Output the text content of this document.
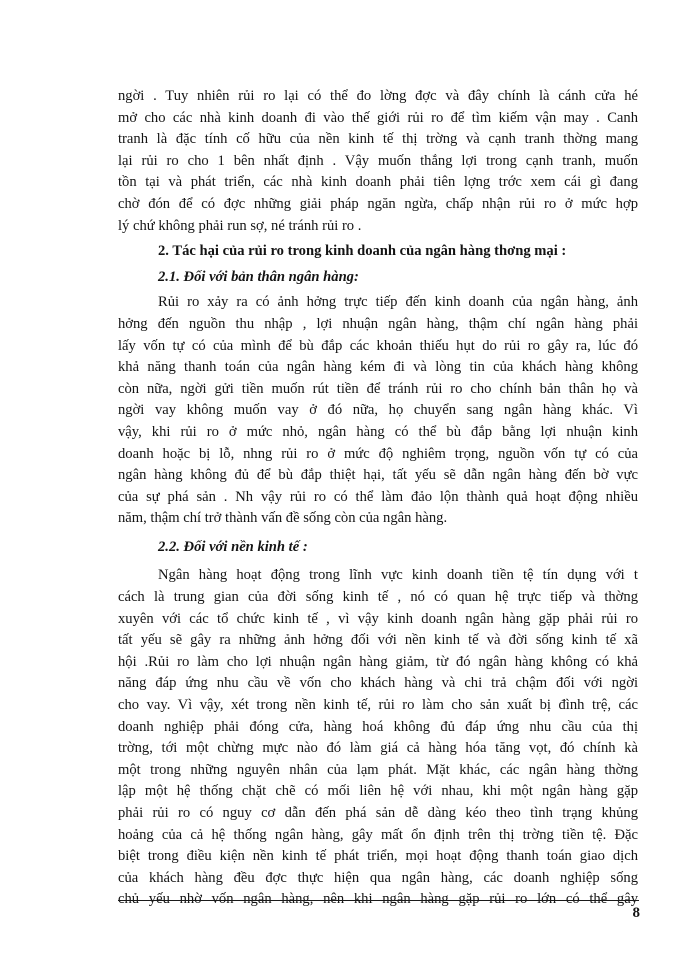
ngời . Tuy nhiên rủi ro lại có thể đo lờng đợc và đây chính là cánh cửa hé
mở cho các nhà kinh doanh đi vào thế giới rủi ro để tìm kiếm vận may . Canh
tranh là đặc tính cố hữu của nền kinh tế thị trờng và cạnh tranh thờng mang
lại rủi ro cho 1 bên nhất định . Vậy muốn thắng lợi trong cạnh tranh, muốn
tồn tại và phát triển, các nhà kinh doanh phải tiên lợng trớc xem cái gì đang
chờ đón để có đợc những giải pháp ngăn ngừa, chấp nhận rủi ro ở mức hợp
lý chứ không phải run sợ, né tránh rủi ro .
2. Tác hại của rủi ro trong kinh doanh của ngân hàng thơng mại :
2.1. Đối với bản thân ngân hàng:
Rủi ro xảy ra có ảnh hởng trực tiếp đến kinh doanh của ngân hàng, ảnh
hởng đến nguồn thu nhập , lợi nhuận ngân hàng, thậm chí ngân hàng phải
lấy vốn tự có của mình để bù đắp các khoản thiếu hụt do rủi ro gây ra, lúc đó
khả năng thanh toán của ngân hàng kém đi và lòng tin của khách hàng không
còn nữa, ngời gửi tiền muốn rút tiền để tránh rủi ro cho chính bản thân họ và
ngời vay không muốn vay ở đó nữa, họ chuyển sang ngân hàng khác. Vì
vậy, khi rủi ro ở mức nhỏ, ngân hàng có thể bù đắp bằng lợi nhuận kinh
doanh hoặc bị lỗ, nhng rủi ro ở mức độ nghiêm trọng, nguồn vốn tự có của
ngân hàng không đủ để bù đắp thiệt hại, tất yếu sẽ dẫn ngân hàng đến bờ vực
của sự phá sản . Nh vậy rủi ro có thể làm đảo lộn thành quả hoạt động nhiều
năm, thậm chí trở thành vấn đề sống còn của ngân hàng.
2.2. Đối với nền kinh tế :
Ngân hàng hoạt động trong lĩnh vực kinh doanh tiền tệ tín dụng với t
cách là trung gian của đời sống kinh tế , nó có quan hệ trực tiếp và thờng
xuyên với các tổ chức kinh tế , vì vậy kinh doanh ngân hàng gặp phải rủi ro
tất yếu sẽ gây ra những ảnh hởng đối với nền kinh tế và đời sống kinh tế xã
hội .Rủi ro làm cho lợi nhuận ngân hàng giảm, từ đó ngân hàng không có khả
năng đáp ứng nhu cầu về vốn cho khách hàng và chi trả chậm đối với ngời
cho vay. Vì vậy, xét trong nền kinh tế, rủi ro làm cho sản xuất bị đình trệ, các
doanh nghiệp phải đóng cửa, hàng hoá không đủ đáp ứng nhu cầu của thị
trờng, tới một chừng mực nào đó làm giá cả hàng hóa tăng vọt, đó chính kà
một trong những nguyên nhân của lạm phát. Mặt khác, các ngân hàng thờng
lập một hệ thống chặt chẽ có mối liên hệ với nhau, khi một ngân hàng gặp
phải rủi ro có nguy cơ dẫn đến phá sản dễ dàng kéo theo tình trạng khủng
hoảng của cả hệ thống ngân hàng, gây mất ổn định trên thị trờng tiền tệ. Đặc
biệt trong điều kiện nền kinh tế phát triển, mọi hoạt động thanh toán giao dịch
của khách hàng đều đợc thực hiện qua ngân hàng, các doanh nghiệp sống
chủ yếu nhờ vốn ngân hàng, nên khi ngân hàng gặp rủi ro lớn có thể gây
8
